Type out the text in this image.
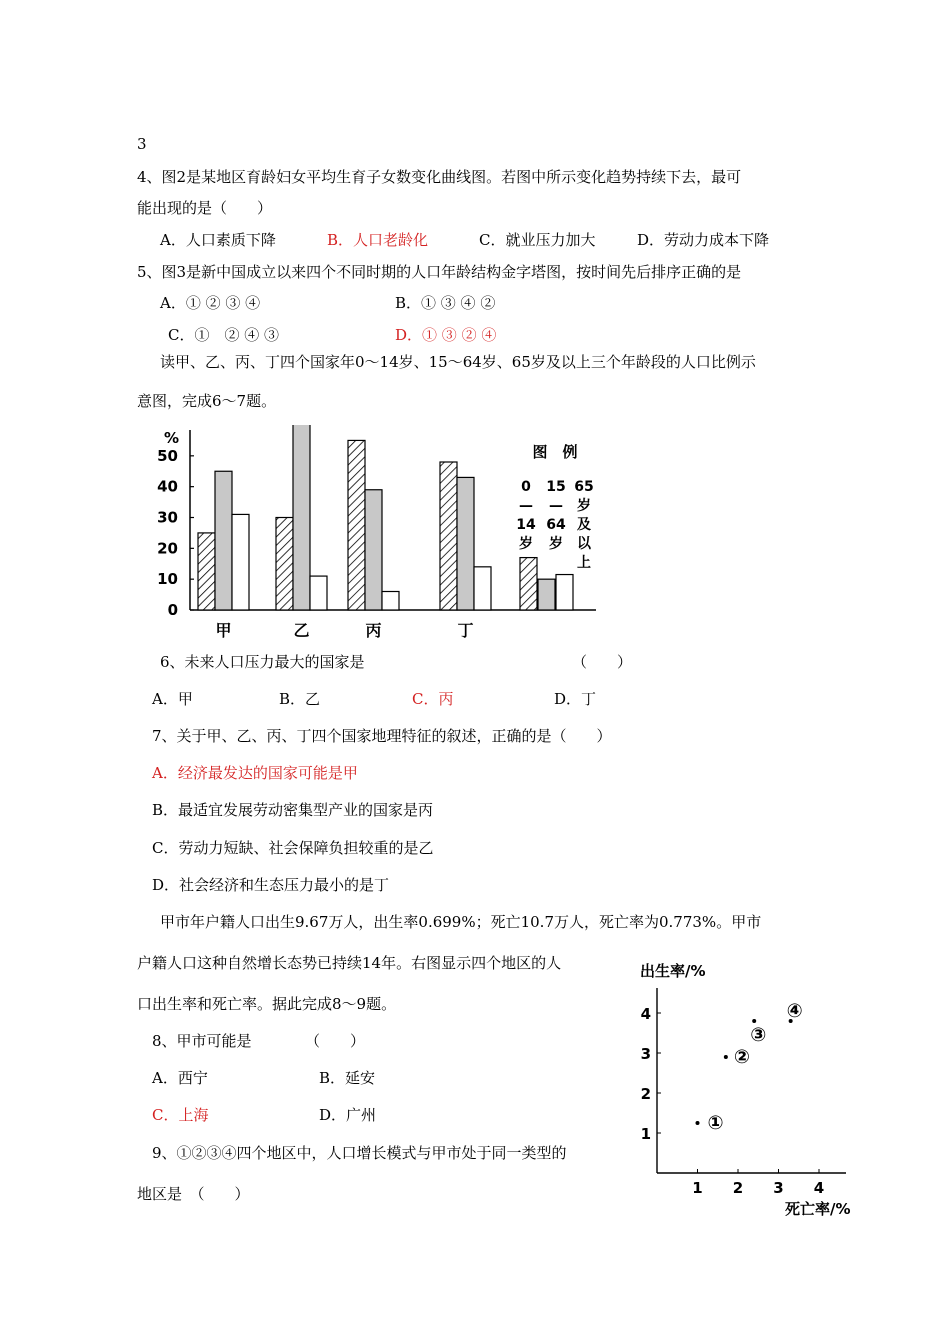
3
4、图2是某地区育龄妇女平均生育子女数变化曲线图。若图中所示变化趋势持续下去，最可
能出现的是（　　）
A．人口素质下降	B．人口老龄化	C．就业压力加大	D．劳动力成本下降
5、图3是新中国成立以来四个不同时期的人口年龄结构金字塔图，按时间先后排序正确的是
A．① ② ③ ④	B．① ③ ④ ②
C．①　② ④ ③	D．① ③ ② ④
读甲、乙、丙、丁四个国家年0～14岁、15～64岁、65岁及以上三个年龄段的人口比例示
意图，完成6～7题。
%
0
10
20
30
40
50
甲	乙	丙	丁
图　例
0
—
14
岁
15
—
64
岁
65
岁
及
以
上
6、未来人口压力最大的国家是	（　　）
A．甲	B．乙	C．丙	D．丁
7、关于甲、乙、丙、丁四个国家地理特征的叙述，正确的是（　　）
A．经济最发达的国家可能是甲
B．最适宜发展劳动密集型产业的国家是丙
C．劳动力短缺、社会保障负担较重的是乙
D．社会经济和生态压力最小的是丁
甲市年户籍人口出生9.67万人，出生率0.699%；死亡10.7万人，死亡率为0.773%。甲市
户籍人口这种自然增长态势已持续14年。右图显示四个地区的人
口出生率和死亡率。据此完成8～9题。
8、甲市可能是	（　　）
A．西宁	B．延安
C．上海	D．广州
9、①②③④四个地区中，人口增长模式与甲市处于同一类型的
地区是　（　　）
出生率/%
1
2
3
4
1 2 3 4
死亡率/%
①
②
③
④
